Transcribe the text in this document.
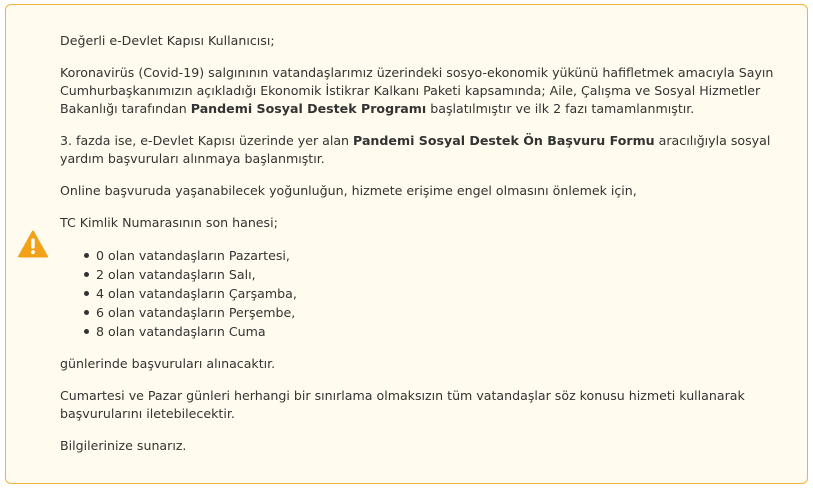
Değerli e-Devlet Kapısı Kullanıcısı;

Koronavirüs (Covid-19) salgınının vatandaşlarımız üzerindeki sosyo-ekonomik yükünü hafifletmek amacıyla Sayın Cumhurbaşkanımızın açıkladığı Ekonomik İstikrar Kalkanı Paketi kapsamında; Aile, Çalışma ve Sosyal Hizmetler Bakanlığı tarafından Pandemi Sosyal Destek Programı başlatılmıştır ve ilk 2 fazı tamamlanmıştır.

3. fazda ise, e-Devlet Kapısı üzerinde yer alan Pandemi Sosyal Destek Ön Başvuru Formu aracılığıyla sosyal yardım başvuruları alınmaya başlanmıştır.

Online başvuruda yaşanabilecek yoğunluğun, hizmete erişime engel olmasını önlemek için,

TC Kimlik Numarasının son hanesi;

0 olan vatandaşların Pazartesi,
2 olan vatandaşların Salı,
4 olan vatandaşların Çarşamba,
6 olan vatandaşların Perşembe,
8 olan vatandaşların Cuma

günlerinde başvuruları alınacaktır.

Cumartesi ve Pazar günleri herhangi bir sınırlama olmaksızın tüm vatandaşlar söz konusu hizmeti kullanarak başvurularını iletebilecektir.

Bilgilerinize sunarız.
